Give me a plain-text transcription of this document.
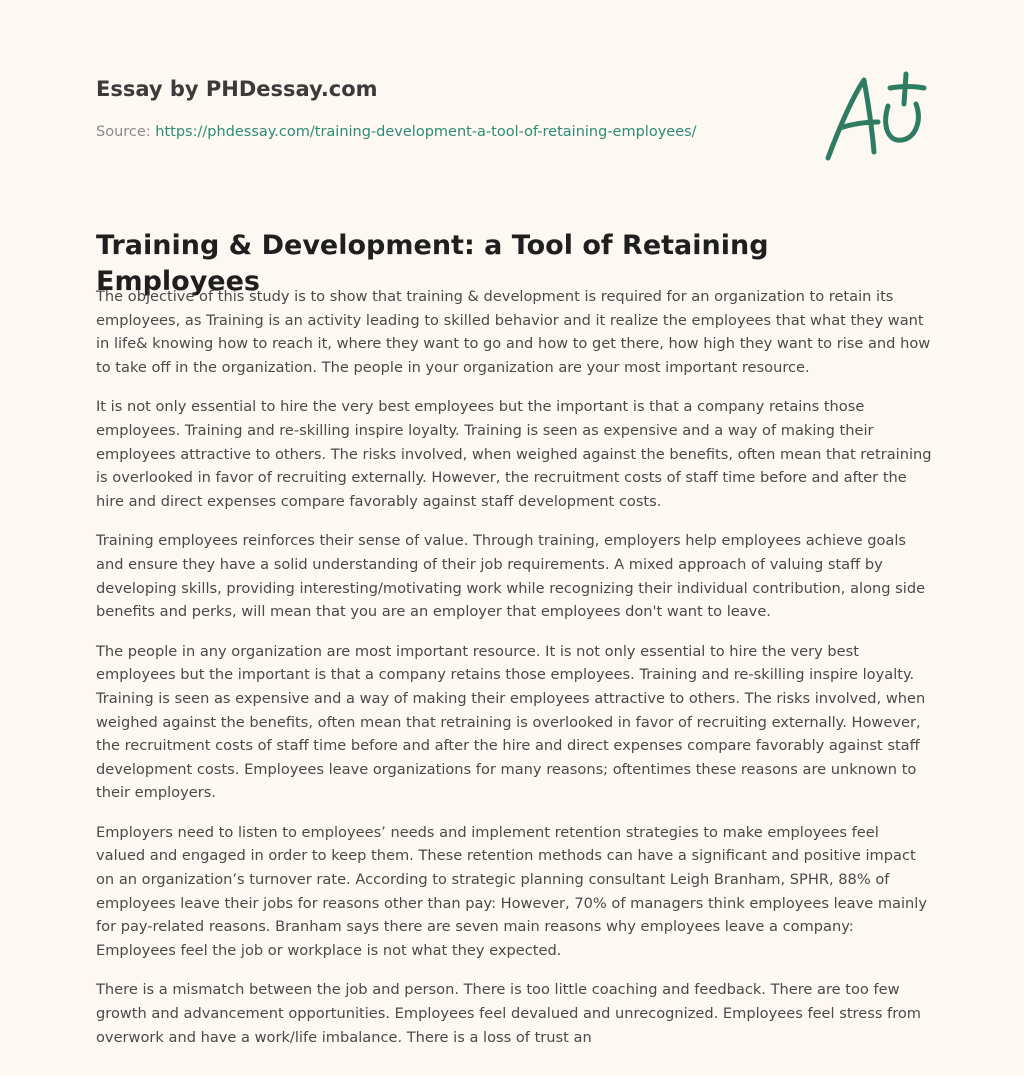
Essay by PHDessay.com
Source: https://phdessay.com/training-development-a-tool-of-retaining-employees/
Training & Development: a Tool of Retaining Employees

The objective of this study is to show that training & development is required for an organization to retain its employees, as Training is an activity leading to skilled behavior and it realize the employees that what they want in life& knowing how to reach it, where they want to go and how to get there, how high they want to rise and how to take off in the organization. The people in your organization are your most important resource.

It is not only essential to hire the very best employees but the important is that a company retains those employees. Training and re-skilling inspire loyalty. Training is seen as expensive and a way of making their employees attractive to others. The risks involved, when weighed against the benefits, often mean that retraining is overlooked in favor of recruiting externally. However, the recruitment costs of staff time before and after the hire and direct expenses compare favorably against staff development costs.

Training employees reinforces their sense of value. Through training, employers help employees achieve goals and ensure they have a solid understanding of their job requirements. A mixed approach of valuing staff by developing skills, providing interesting/motivating work while recognizing their individual contribution, along side benefits and perks, will mean that you are an employer that employees don't want to leave.

The people in any organization are most important resource. It is not only essential to hire the very best employees but the important is that a company retains those employees. Training and re-skilling inspire loyalty. Training is seen as expensive and a way of making their employees attractive to others. The risks involved, when weighed against the benefits, often mean that retraining is overlooked in favor of recruiting externally. However, the recruitment costs of staff time before and after the hire and direct expenses compare favorably against staff development costs. Employees leave organizations for many reasons; oftentimes these reasons are unknown to their employers.

Employers need to listen to employees’ needs and implement retention strategies to make employees feel valued and engaged in order to keep them. These retention methods can have a significant and positive impact on an organization’s turnover rate. According to strategic planning consultant Leigh Branham, SPHR, 88% of employees leave their jobs for reasons other than pay: However, 70% of managers think employees leave mainly for pay-related reasons. Branham says there are seven main reasons why employees leave a company: Employees feel the job or workplace is not what they expected.

There is a mismatch between the job and person. There is too little coaching and feedback. There are too few growth and advancement opportunities. Employees feel devalued and unrecognized. Employees feel stress from overwork and have a work/life imbalance. There is a loss of trust an
